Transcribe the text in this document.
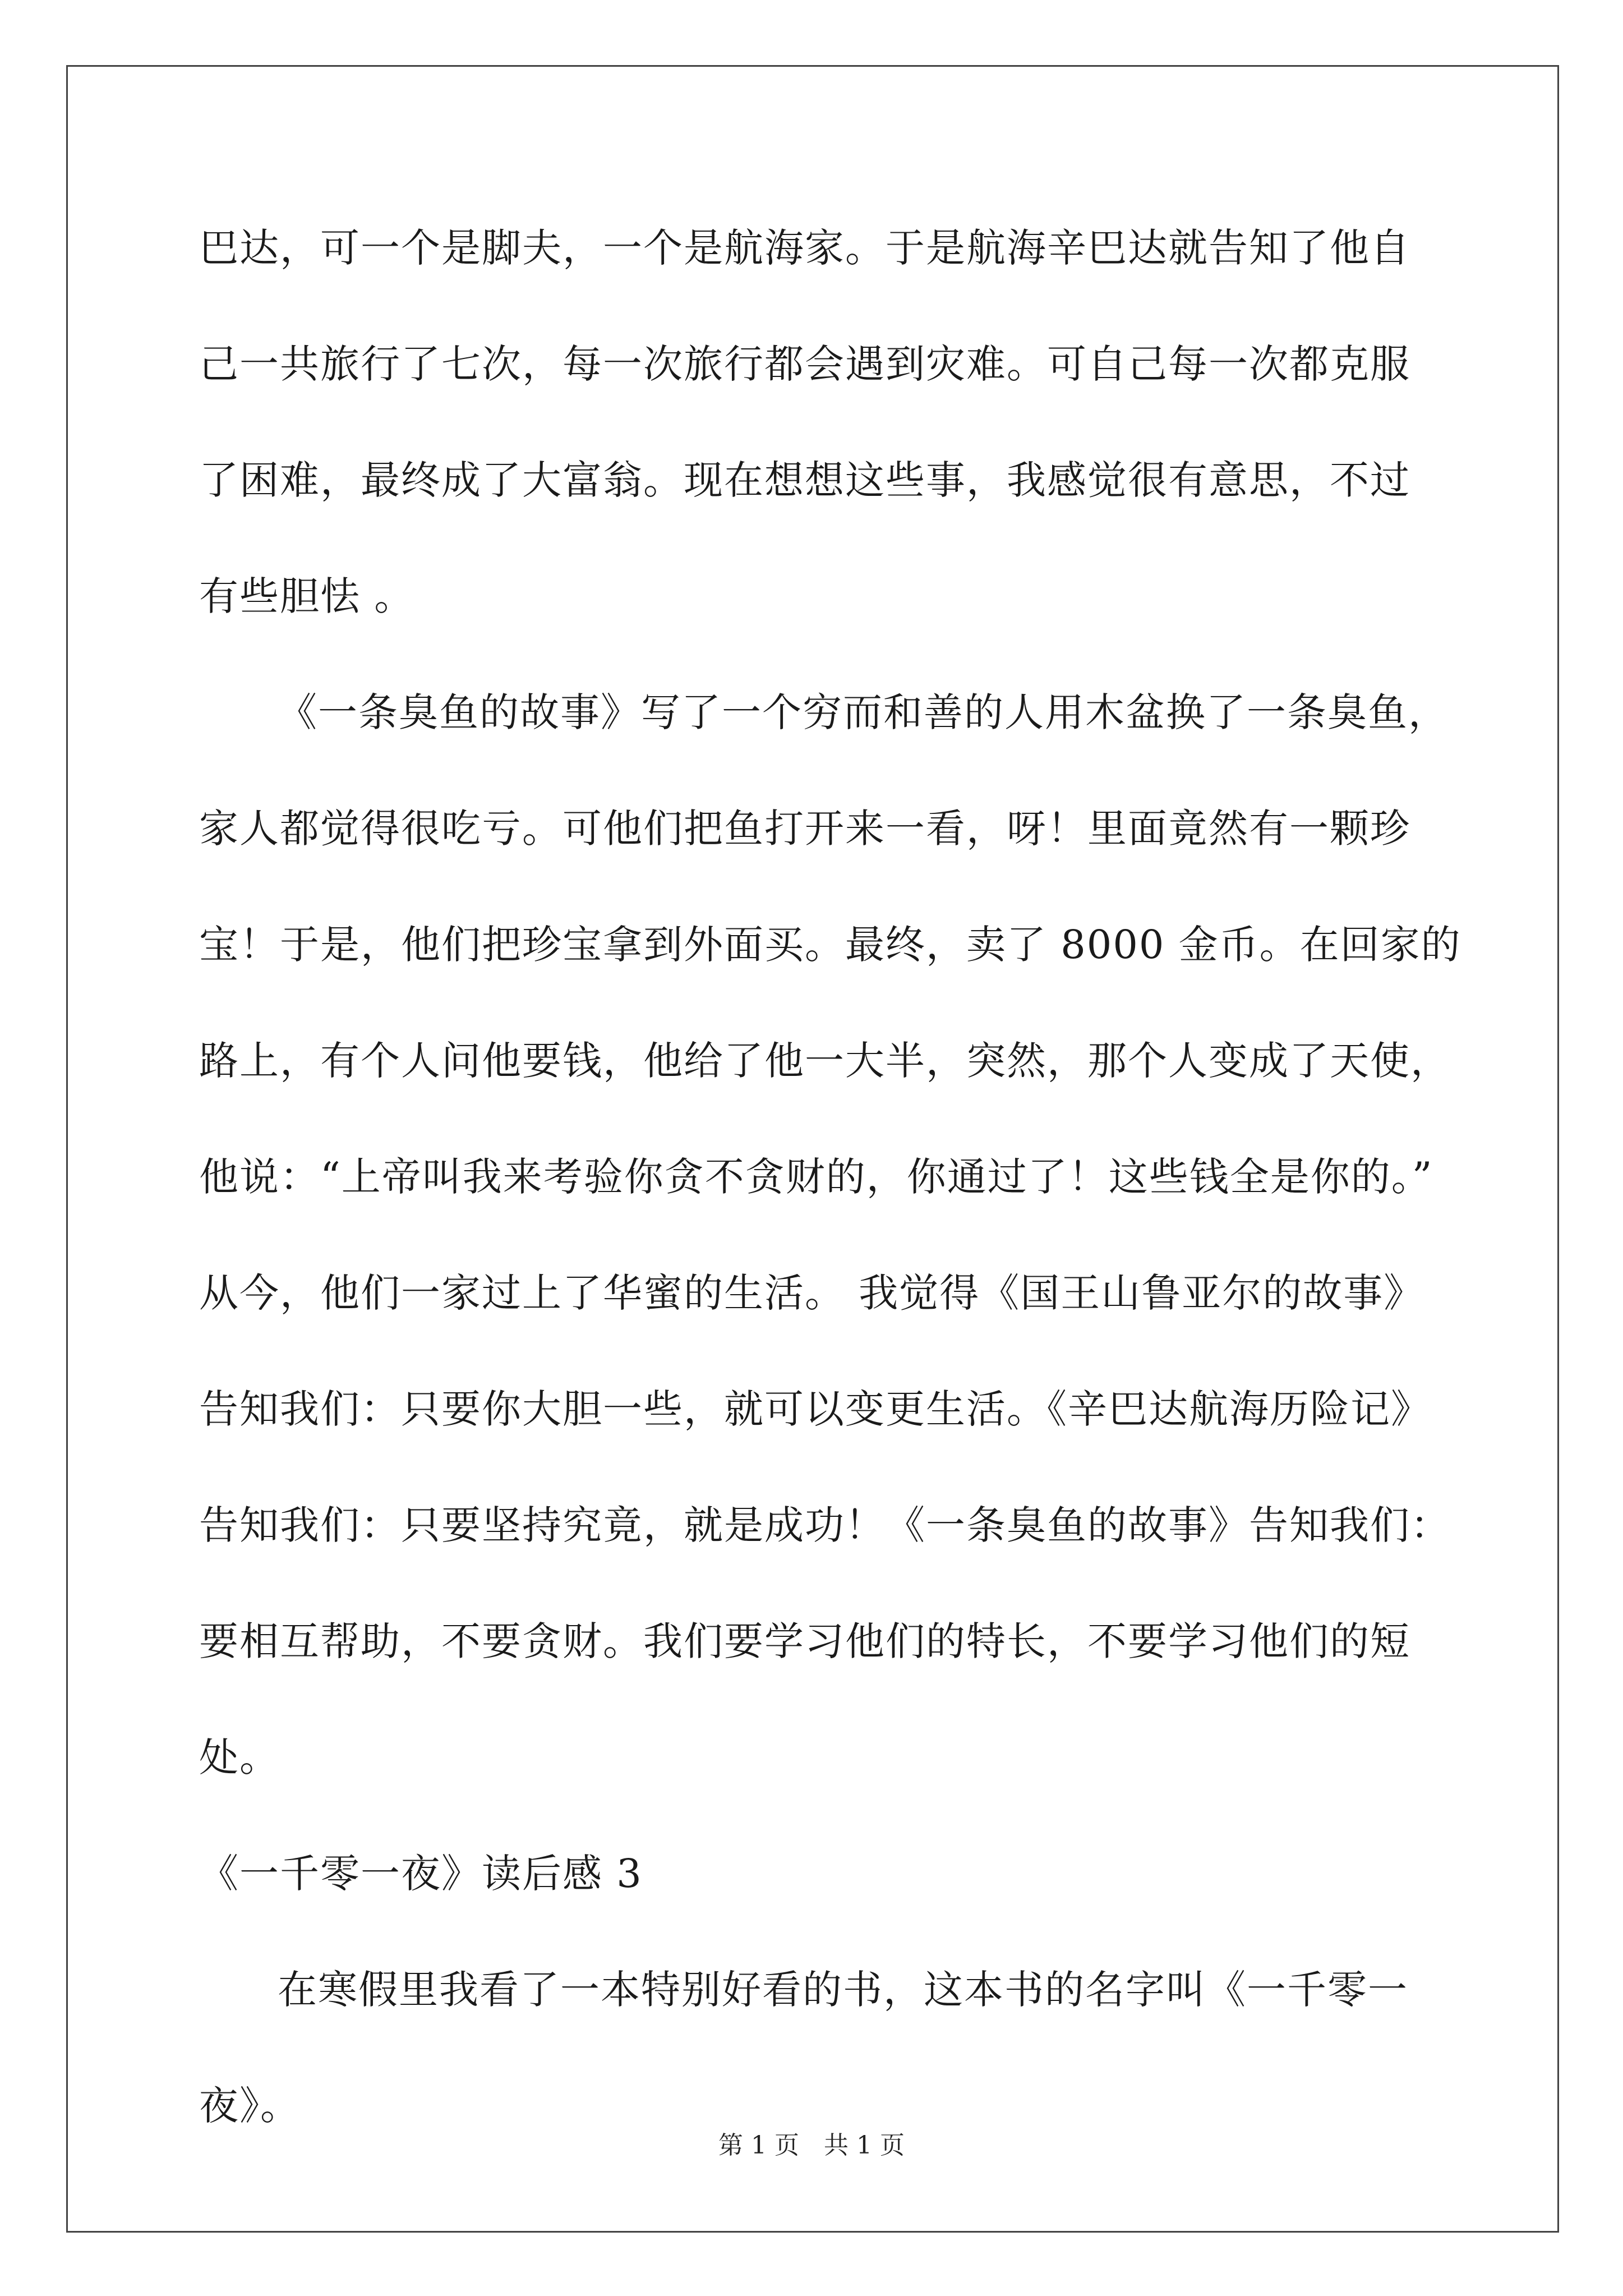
巴达，可一个是脚夫，一个是航海家。于是航海辛巴达就告知了他自
己一共旅行了七次，每一次旅行都会遇到灾难。可自己每一次都克服
了困难，最终成了大富翁。现在想想这些事，我感觉很有意思，不过
有些胆怯 。
《一条臭鱼的故事》写了一个穷而和善的人用木盆换了一条臭鱼，
家人都觉得很吃亏。可他们把鱼打开来一看，呀！里面竟然有一颗珍
宝！于是，他们把珍宝拿到外面买。最终，卖了 8000 金币。在回家的
路上，有个人问他要钱，他给了他一大半，突然，那个人变成了天使，
他说：“上帝叫我来考验你贪不贪财的，你通过了！这些钱全是你的。”
从今，他们一家过上了华蜜的生活。 我觉得《国王山鲁亚尔的故事》
告知我们：只要你大胆一些，就可以变更生活。《辛巴达航海历险记》
告知我们：只要坚持究竟，就是成功！《一条臭鱼的故事》告知我们：
要相互帮助，不要贪财。我们要学习他们的特长，不要学习他们的短
处。
《一千零一夜》读后感 3
在寒假里我看了一本特别好看的书，这本书的名字叫《一千零一
夜》。
第 1 页　共 1 页
